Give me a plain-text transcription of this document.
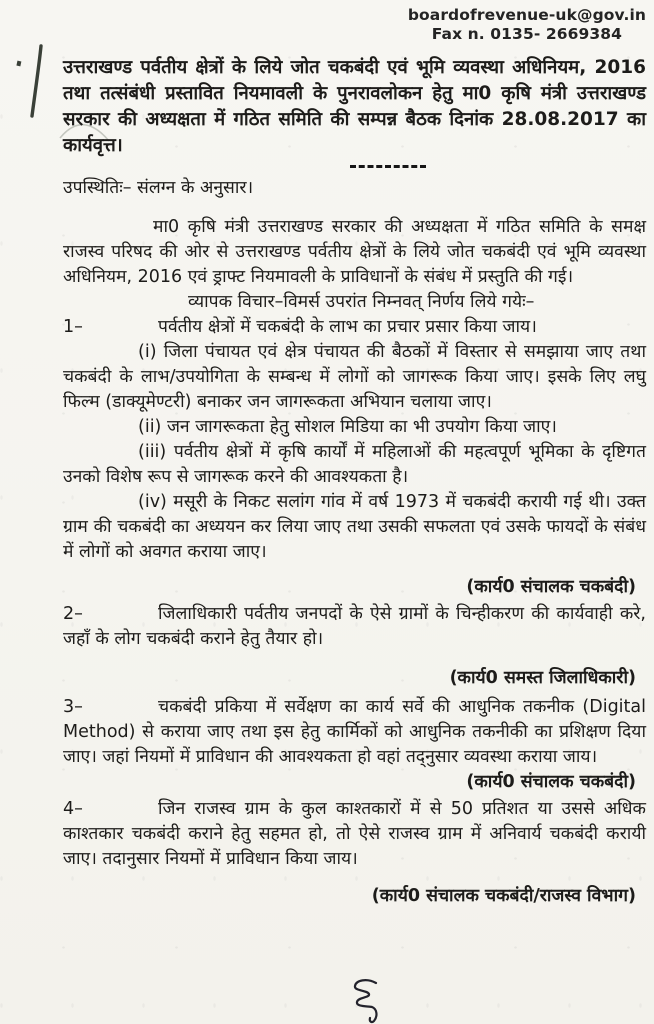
boardofrevenue-uk@gov.in
Fax n. 0135- 2669384

उत्तराखण्ड पर्वतीय क्षेत्रों के लिये जोत चकबंदी एवं भूमि व्यवस्था अधिनियम, 2016 तथा तत्संबंधी प्रस्तावित नियमावली के पुनरावलोकन हेतु मा0 कृषि मंत्री उत्तराखण्ड सरकार की अध्यक्षता में गठित समिति की सम्पन्न बैठक दिनांक 28.08.2017 का कार्यवृत्त।

उपस्थितिः– संलग्न के अनुसार।

मा0 कृषि मंत्री उत्तराखण्ड सरकार की अध्यक्षता में गठित समिति के समक्ष राजस्व परिषद की ओर से उत्तराखण्ड पर्वतीय क्षेत्रों के लिये जोत चकबंदी एवं भूमि व्यवस्था अधिनियम, 2016 एवं ड्राफ्ट नियमावली के प्राविधानों के संबंध में प्रस्तुति की गई।

व्यापक विचार–विमर्स उपरांत निम्नवत् निर्णय लिये गयेः–

1–	पर्वतीय क्षेत्रों में चकबंदी के लाभ का प्रचार प्रसार किया जाय।

(i) जिला पंचायत एवं क्षेत्र पंचायत की बैठकों में विस्तार से समझाया जाए तथा चकबंदी के लाभ/उपयोगिता के सम्बन्ध में लोगों को जागरूक किया जाए। इसके लिए लघु फिल्म (डाक्यूमेण्टरी) बनाकर जन जागरूकता अभियान चलाया जाए।

(ii) जन जागरूकता हेतु सोशल मिडिया का भी उपयोग किया जाए।

(iii) पर्वतीय क्षेत्रों में कृषि कार्यों में महिलाओं की महत्वपूर्ण भूमिका के दृष्टिगत उनको विशेष रूप से जागरूक करने की आवश्यकता है।

(iv) मसूरी के निकट सलांग गांव में वर्ष 1973 में चकबंदी करायी गई थी। उक्त ग्राम की चकबंदी का अध्ययन कर लिया जाए तथा उसकी सफलता एवं उसके फायदों के संबंध में लोगों को अवगत कराया जाए।

(कार्य0 संचालक चकबंदी)

2–	जिलाधिकारी पर्वतीय जनपदों के ऐसे ग्रामों के चिन्हीकरण की कार्यवाही करे, जहाँ के लोग चकबंदी कराने हेतु तैयार हो।

(कार्य0 समस्त जिलाधिकारी)

3–	चकबंदी प्रकिया में सर्वेक्षण का कार्य सर्वे की आधुनिक तकनीक (Digital Method) से कराया जाए तथा इस हेतु कार्मिकों को आधुनिक तकनीकी का प्रशिक्षण दिया जाए। जहां नियमों में प्राविधान की आवश्यकता हो वहां तद्नुसार व्यवस्था कराया जाय।

(कार्य0 संचालक चकबंदी)

4–	जिन राजस्व ग्राम के कुल काश्तकारों में से 50 प्रतिशत या उससे अधिक काश्तकार चकबंदी कराने हेतु सहमत हो, तो ऐसे राजस्व ग्राम में अनिवार्य चकबंदी करायी जाए। तदानुसार नियमों में प्राविधान किया जाय।

(कार्य0 संचालक चकबंदी/राजस्व विभाग)
